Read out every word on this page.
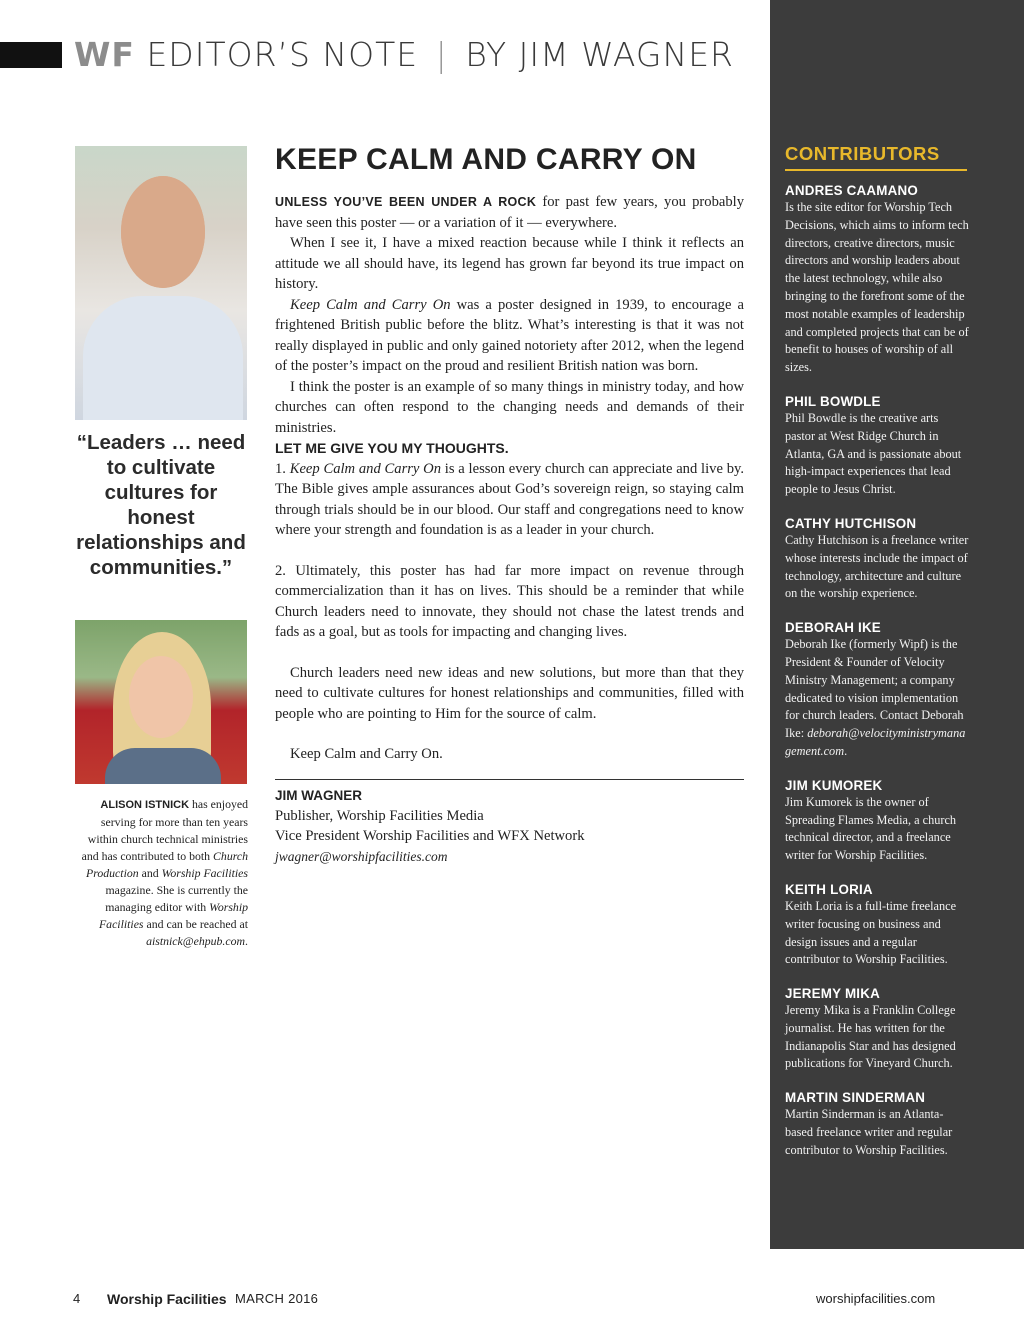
WF EDITOR’S NOTE | BY JIM WAGNER
“Leaders … need to cultivate cultures for honest relationships and communities.”
ALISON ISTNICK has enjoyed serving for more than ten years within church technical ministries and has contributed to both Church Production and Worship Facilities magazine. She is currently the managing editor with Worship Facilities and can be reached at aistnick@ehpub.com.
KEEP CALM AND CARRY ON

UNLESS YOU’VE BEEN UNDER A ROCK for past few years, you probably have seen this poster — or a variation of it — everywhere.

When I see it, I have a mixed reaction because while I think it reflects an attitude we all should have, its legend has grown far beyond its true impact on history.

Keep Calm and Carry On was a poster designed in 1939, to encourage a frightened British public before the blitz. What’s interesting is that it was not really displayed in public and only gained notoriety after 2012, when the legend of the poster’s impact on the proud and resilient British nation was born.

I think the poster is an example of so many things in ministry today, and how churches can often respond to the changing needs and demands of their ministries.

LET ME GIVE YOU MY THOUGHTS.

1. Keep Calm and Carry On is a lesson every church can appreciate and live by. The Bible gives ample assurances about God’s sovereign reign, so staying calm through trials should be in our blood. Our staff and congregations need to know where your strength and foundation is as a leader in your church.

2. Ultimately, this poster has had far more impact on revenue through commercialization than it has on lives. This should be a reminder that while Church leaders need to innovate, they should not chase the latest trends and fads as a goal, but as tools for impacting and changing lives.

Church leaders need new ideas and new solutions, but more than that they need to cultivate cultures for honest relationships and communities, filled with people who are pointing to Him for the source of calm.

Keep Calm and Carry On.

JIM WAGNER
Publisher, Worship Facilities Media
Vice President Worship Facilities and WFX Network
jwagner@worshipfacilities.com
CONTRIBUTORS
ANDRES CAAMANO
Is the site editor for Worship Tech Decisions, which aims to inform tech directors, creative directors, music directors and worship leaders about the latest technology, while also bringing to the forefront some of the most notable examples of leadership and completed projects that can be of benefit to houses of worship of all sizes.
PHIL BOWDLE
Phil Bowdle is the creative arts pastor at West Ridge Church in Atlanta, GA and is passionate about high-impact experiences that lead people to Jesus Christ.
CATHY HUTCHISON
Cathy Hutchison is a freelance writer whose interests include the impact of technology, architecture and culture on the worship experience.
DEBORAH IKE
Deborah Ike (formerly Wipf) is the President & Founder of Velocity Ministry Management; a company dedicated to vision implementation for church leaders. Contact Deborah Ike: deborah@velocityministrymanagement.com.
JIM KUMOREK
Jim Kumorek is the owner of Spreading Flames Media, a church technical director, and a freelance writer for Worship Facilities.
KEITH LORIA
Keith Loria is a full-time freelance writer focusing on business and design issues and a regular contributor to Worship Facilities.
JEREMY MIKA
Jeremy Mika is a Franklin College journalist. He has written for the Indianapolis Star and has designed publications for Vineyard Church.
MARTIN SINDERMAN
Martin Sinderman is an Atlanta-based freelance writer and regular contributor to Worship Facilities.
4 Worship Facilities MARCH 2016	worshipfacilities.com
